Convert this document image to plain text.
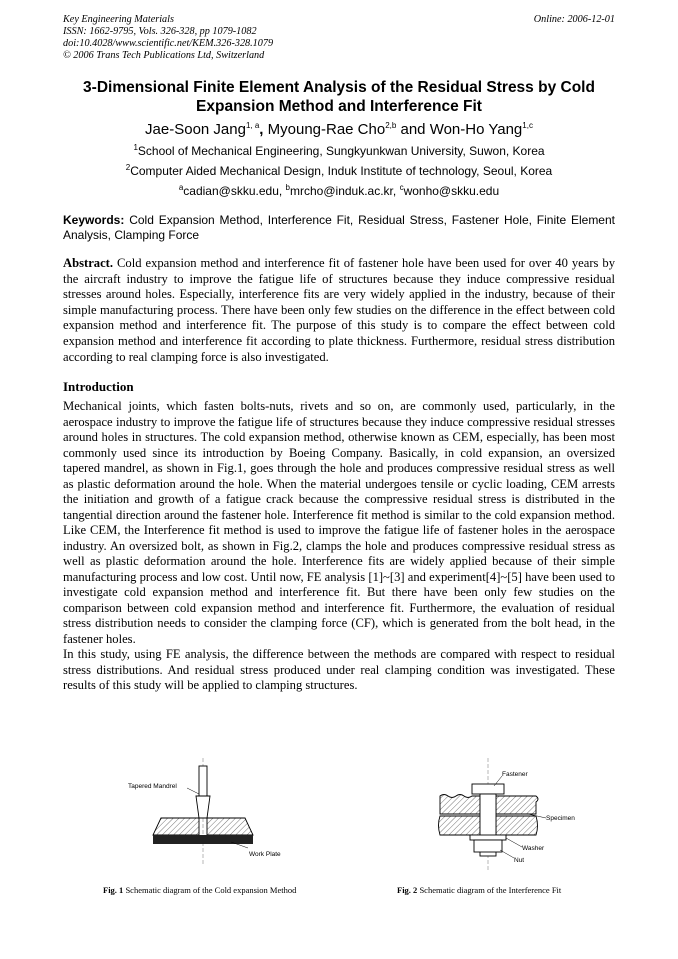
Key Engineering Materials	Online: 2006-12-01
ISSN: 1662-9795, Vols. 326-328, pp 1079-1082
doi:10.4028/www.scientific.net/KEM.326-328.1079
© 2006 Trans Tech Publications Ltd, Switzerland
3-Dimensional Finite Element Analysis of the Residual Stress by Cold Expansion Method and Interference Fit
Jae-Soon Jang$^{1, a}$, Myoung-Rae Cho$^{2,b}$ and Won-Ho Yang$^{1,c}$
$^1$School of Mechanical Engineering, Sungkyunkwan University, Suwon, Korea
$^2$Computer Aided Mechanical Design, Induk Institute of technology, Seoul, Korea
$^a$cadian@skku.edu, $^b$mrcho@induk.ac.kr, $^c$wonho@skku.edu
Keywords: Cold Expansion Method, Interference Fit, Residual Stress, Fastener Hole, Finite Element Analysis, Clamping Force
Abstract. Cold expansion method and interference fit of fastener hole have been used for over 40 years by the aircraft industry to improve the fatigue life of structures because they induce compressive residual stresses around holes. Especially, interference fits are very widely applied in the industry, because of their simple manufacturing process. There have been only few studies on the difference in the effect between cold expansion method and interference fit. The purpose of this study is to compare the effect between cold expansion method and interference fit according to plate thickness. Furthermore, residual stress distribution according to real clamping force is also investigated.
Introduction

Mechanical joints, which fasten bolts-nuts, rivets and so on, are commonly used, particularly, in the aerospace industry to improve the fatigue life of structures because they induce compressive residual stresses around holes in structures. The cold expansion method, otherwise known as CEM, especially, has been most commonly used since its introduction by Boeing Company. Basically, in cold expansion, an oversized tapered mandrel, as shown in Fig.1, goes through the hole and produces compressive residual stress as well as plastic deformation around the hole. When the material undergoes tensile or cyclic loading, CEM arrests the initiation and growth of a fatigue crack because the compressive residual stress is distributed in the tangential direction around the fastener hole. Interference fit method is similar to the cold expansion method. Like CEM, the Interference fit method is used to improve the fatigue life of fastener holes in the aerospace industry. An oversized bolt, as shown in Fig.2, clamps the hole and produces compressive residual stress as well as plastic deformation around the hole. Interference fits are widely applied because of their simple manufacturing process and low cost. Until now, FE analysis [1]~[3] and experiment[4]~[5] have been used to investigate cold expansion method and interference fit. But there have been only few studies on the comparison between cold expansion method and interference fit. Furthermore, the evaluation of residual stress distribution needs to consider the clamping force (CF), which is generated from the bolt head, in the fastener holes.

In this study, using FE analysis, the difference between the methods are compared with respect to residual stress distributions. And residual stress produced under real clamping condition was investigated. These results of this study will be applied to clamping structures.

Tapered Mandrel
Work Plate
Fig. 1 Schematic diagram of the Cold expansion Method
Fastener
Specimen
Washer
Nut
Fig. 2 Schematic diagram of the Interference Fit
